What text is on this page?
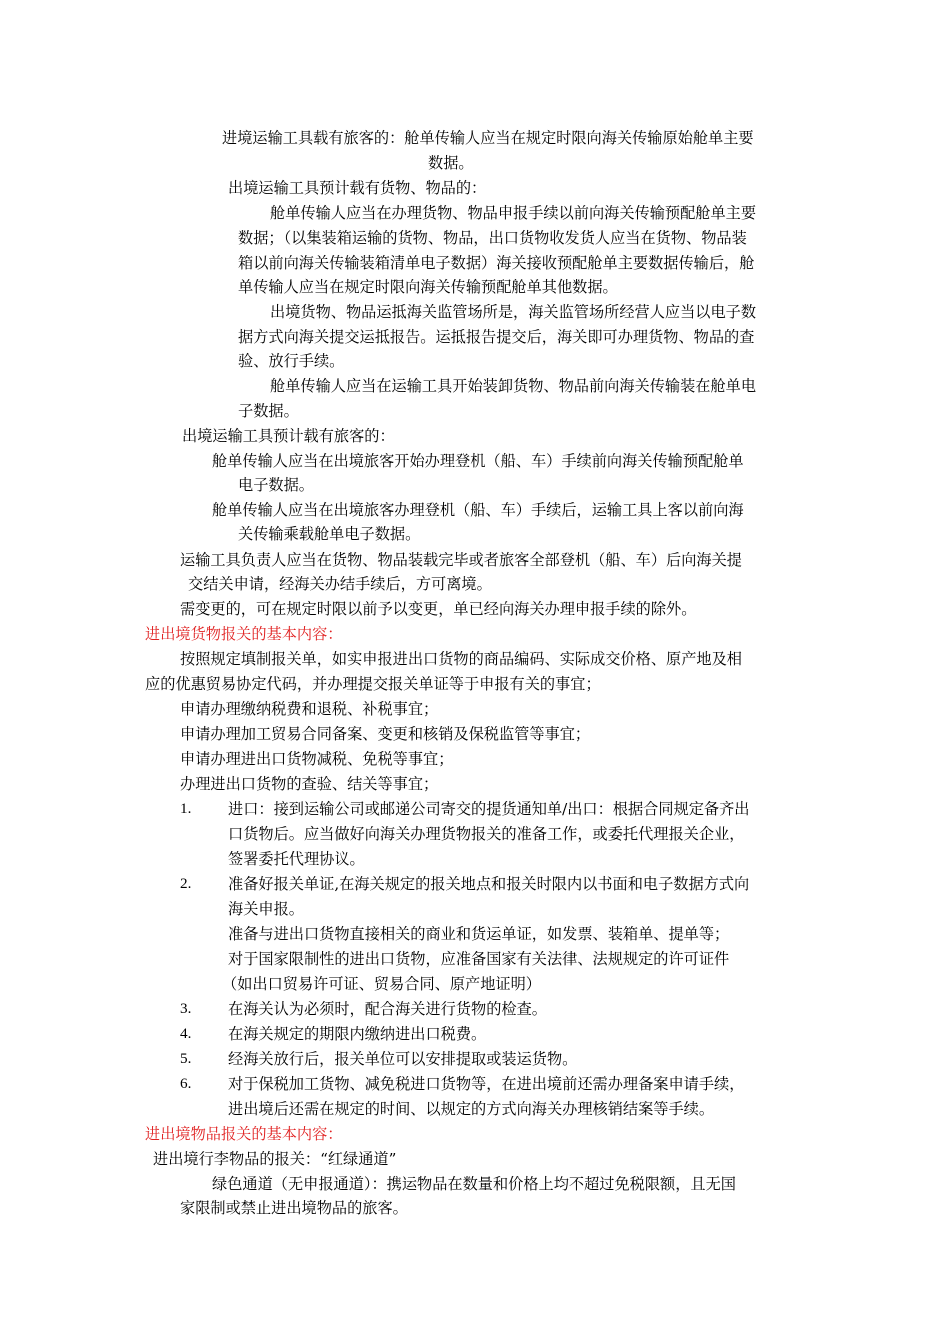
进境运输工具载有旅客的：舱单传输人应当在规定时限向海关传输原始舱单主要
数据。
出境运输工具预计载有货物、物品的：
舱单传输人应当在办理货物、物品申报手续以前向海关传输预配舱单主要
数据；（以集装箱运输的货物、物品，出口货物收发货人应当在货物、物品装
箱以前向海关传输装箱清单电子数据）海关接收预配舱单主要数据传输后，舱
单传输人应当在规定时限向海关传输预配舱单其他数据。
出境货物、物品运抵海关监管场所是，海关监管场所经营人应当以电子数
据方式向海关提交运抵报告。运抵报告提交后，海关即可办理货物、物品的查
验、放行手续。
舱单传输人应当在运输工具开始装卸货物、物品前向海关传输装在舱单电
子数据。
出境运输工具预计载有旅客的：
舱单传输人应当在出境旅客开始办理登机（船、车）手续前向海关传输预配舱单
电子数据。
舱单传输人应当在出境旅客办理登机（船、车）手续后，运输工具上客以前向海
关传输乘载舱单电子数据。
运输工具负责人应当在货物、物品装载完毕或者旅客全部登机（船、车）后向海关提
交结关申请，经海关办结手续后，方可离境。
需变更的，可在规定时限以前予以变更，单已经向海关办理申报手续的除外。
进出境货物报关的基本内容：
按照规定填制报关单，如实申报进出口货物的商品编码、实际成交价格、原产地及相
应的优惠贸易协定代码，并办理提交报关单证等于申报有关的事宜；
申请办理缴纳税费和退税、补税事宜；
申请办理加工贸易合同备案、变更和核销及保税监管等事宜；
申请办理进出口货物减税、免税等事宜；
办理进出口货物的查验、结关等事宜；
1. 进口：接到运输公司或邮递公司寄交的提货通知单/出口：根据合同规定备齐出
口货物后。应当做好向海关办理货物报关的准备工作，或委托代理报关企业，
签署委托代理协议。
2. 准备好报关单证,在海关规定的报关地点和报关时限内以书面和电子数据方式向
海关申报。
准备与进出口货物直接相关的商业和货运单证，如发票、装箱单、提单等；
对于国家限制性的进出口货物，应准备国家有关法律、法规规定的许可证件
（如出口贸易许可证、贸易合同、原产地证明）
3. 在海关认为必须时，配合海关进行货物的检查。
4. 在海关规定的期限内缴纳进出口税费。
5. 经海关放行后，报关单位可以安排提取或装运货物。
6. 对于保税加工货物、减免税进口货物等，在进出境前还需办理备案申请手续，
进出境后还需在规定的时间、以规定的方式向海关办理核销结案等手续。
进出境物品报关的基本内容：
进出境行李物品的报关：“红绿通道”
绿色通道（无申报通道）：携运物品在数量和价格上均不超过免税限额，且无国
家限制或禁止进出境物品的旅客。
